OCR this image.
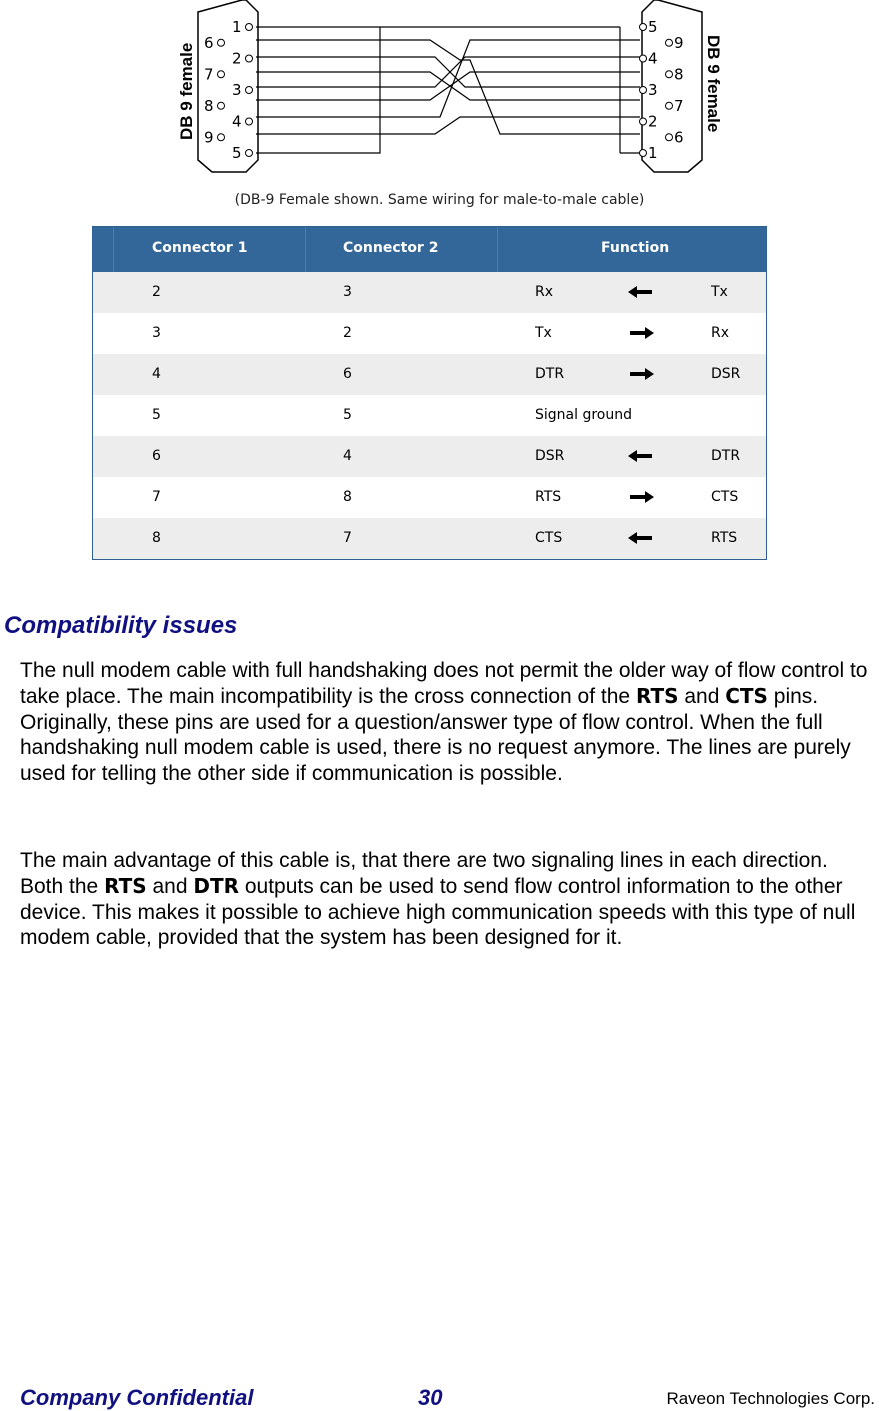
DB 9 female	DB 9 female
1
6
2
7
3
8
4
9
5
5
9
4
8
3
7
2
6
1
(DB-9 Female shown. Same wiring for male-to-male cable)
Connector 1	Connector 2	Function
2	3	Rx	Tx
3	2	Tx	Rx
4	6	DTR	DSR
5	5	Signal ground
6	4	DSR	DTR
7	8	RTS	CTS
8	7	CTS	RTS
Compatibility issues

The null modem cable with full handshaking does not permit the older way of flow control to take place. The main incompatibility is the cross connection of the RTS and CTS pins. Originally, these pins are used for a question/answer type of flow control. When the full handshaking null modem cable is used, there is no request anymore. The lines are purely used for telling the other side if communication is possible.

The main advantage of this cable is, that there are two signaling lines in each direction. Both the RTS and DTR outputs can be used to send flow control information to the other device. This makes it possible to achieve high communication speeds with this type of null modem cable, provided that the system has been designed for it.

Company Confidential	30	Raveon Technologies Corp.
